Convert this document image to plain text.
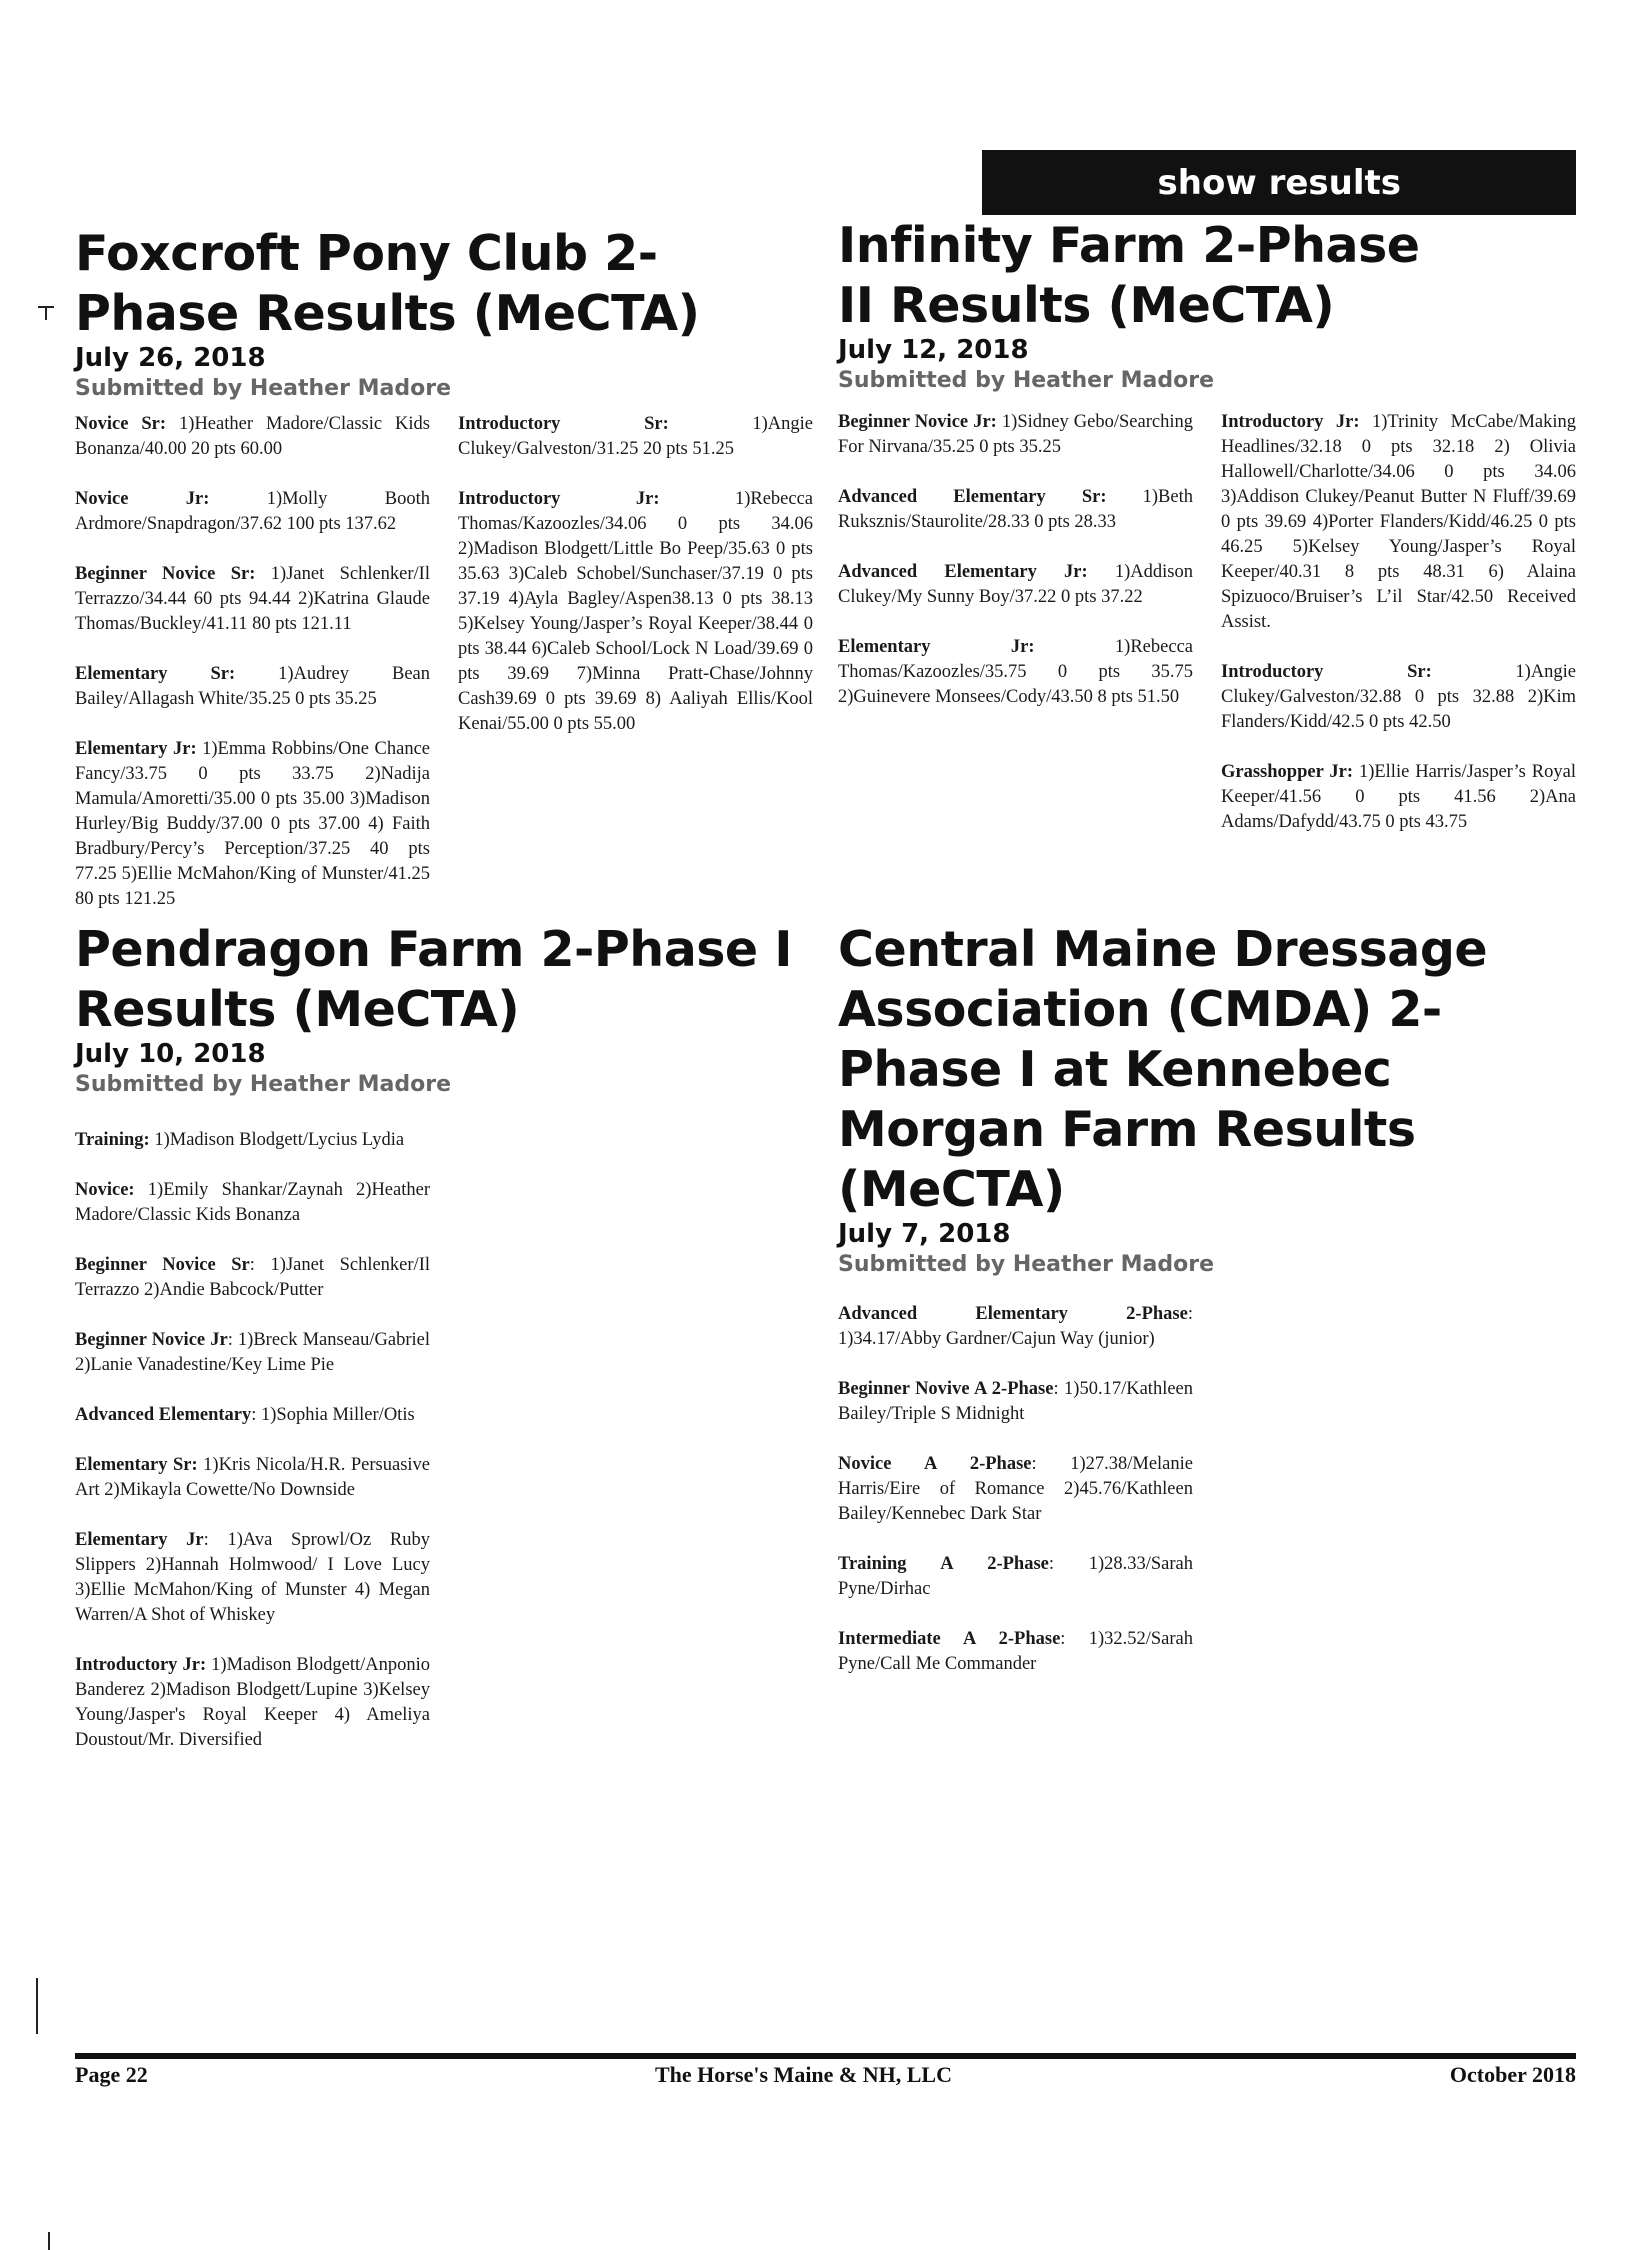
show results
Foxcroft Pony Club 2-Phase Results (MeCTA)
July 26, 2018
Submitted by Heather Madore

Novice Sr: 1)Heather Madore/Classic Kids Bonanza/40.00 20 pts 60.00

Novice Jr: 1)Molly Booth Ardmore/Snapdragon/37.62 100 pts 137.62

Beginner Novice Sr: 1)Janet Schlenker/Il Terrazzo/34.44 60 pts 94.44 2)Katrina Glaude Thomas/Buckley/41.11 80 pts 121.11

Elementary Sr: 1)Audrey Bean Bailey/Allagash White/35.25 0 pts 35.25

Elementary Jr: 1)Emma Robbins/One Chance Fancy/33.75 0 pts 33.75 2)Nadija Mamula/Amoretti/35.00 0 pts 35.00 3)Madison Hurley/Big Buddy/37.00 0 pts 37.00 4) Faith Bradbury/Percy’s Perception/37.25 40 pts 77.25 5)Ellie McMahon/King of Munster/41.25 80 pts 121.25

Introductory Sr: 1)Angie Clukey/Galveston/31.25 20 pts 51.25

Introductory Jr: 1)Rebecca Thomas/Kazoozles/34.06 0 pts 34.06 2)Madison Blodgett/Little Bo Peep/35.63 0 pts 35.63 3)Caleb Schobel/Sunchaser/37.19 0 pts 37.19 4)Ayla Bagley/Aspen38.13 0 pts 38.13 5)Kelsey Young/Jasper’s Royal Keeper/38.44 0 pts 38.44 6)Caleb School/Lock N Load/39.69 0 pts 39.69 7)Minna Pratt-Chase/Johnny Cash39.69 0 pts 39.69 8) Aaliyah Ellis/Kool Kenai/55.00 0 pts 55.00

Infinity Farm 2-Phase II Results (MeCTA)
July 12, 2018
Submitted by Heather Madore

Beginner Novice Jr: 1)Sidney Gebo/Searching For Nirvana/35.25 0 pts 35.25

Advanced Elementary Sr: 1)Beth Ruksznis/Staurolite/28.33 0 pts 28.33

Advanced Elementary Jr: 1)Addison Clukey/My Sunny Boy/37.22 0 pts 37.22

Elementary Jr: 1)Rebecca Thomas/Kazoozles/35.75 0 pts 35.75 2)Guinevere Monsees/Cody/43.50 8 pts 51.50

Introductory Jr: 1)Trinity McCabe/Making Headlines/32.18 0 pts 32.18 2) Olivia Hallowell/Charlotte/34.06 0 pts 34.06 3)Addison Clukey/Peanut Butter N Fluff/39.69 0 pts 39.69 4)Porter Flanders/Kidd/46.25 0 pts 46.25 5)Kelsey Young/Jasper’s Royal Keeper/40.31 8 pts 48.31 6) Alaina Spizuoco/Bruiser’s L’il Star/42.50 Received Assist.

Introductory Sr: 1)Angie Clukey/Galveston/32.88 0 pts 32.88 2)Kim Flanders/Kidd/42.5 0 pts 42.50

Grasshopper Jr: 1)Ellie Harris/Jasper’s Royal Keeper/41.56 0 pts 41.56 2)Ana Adams/Dafydd/43.75 0 pts 43.75

Pendragon Farm 2-Phase I Results (MeCTA)
July 10, 2018
Submitted by Heather Madore

Training: 1)Madison Blodgett/Lycius Lydia

Novice: 1)Emily Shankar/Zaynah 2)Heather Madore/Classic Kids Bonanza

Beginner Novice Sr: 1)Janet Schlenker/Il Terrazzo 2)Andie Babcock/Putter

Beginner Novice Jr: 1)Breck Manseau/Gabriel 2)Lanie Vanadestine/Key Lime Pie

Advanced Elementary: 1)Sophia Miller/Otis

Elementary Sr: 1)Kris Nicola/H.R. Persuasive Art 2)Mikayla Cowette/No Downside

Elementary Jr: 1)Ava Sprowl/Oz Ruby Slippers 2)Hannah Holmwood/ I Love Lucy 3)Ellie McMahon/King of Munster 4) Megan Warren/A Shot of Whiskey

Introductory Jr: 1)Madison Blodgett/Anponio Banderez 2)Madison Blodgett/Lupine 3)Kelsey Young/Jasper's Royal Keeper 4) Ameliya Doustout/Mr. Diversified

Central Maine Dressage Association (CMDA) 2-Phase I at Kennebec Morgan Farm Results (MeCTA)
July 7, 2018
Submitted by Heather Madore

Advanced Elementary 2-Phase: 1)34.17/Abby Gardner/Cajun Way (junior)

Beginner Novive A 2-Phase: 1)50.17/Kathleen Bailey/Triple S Midnight

Novice A 2-Phase: 1)27.38/Melanie Harris/Eire of Romance 2)45.76/Kathleen Bailey/Kennebec Dark Star

Training A 2-Phase: 1)28.33/Sarah Pyne/Dirhac

Intermediate A 2-Phase: 1)32.52/Sarah Pyne/Call Me Commander

Page 22	The Horse's Maine & NH, LLC	October 2018
